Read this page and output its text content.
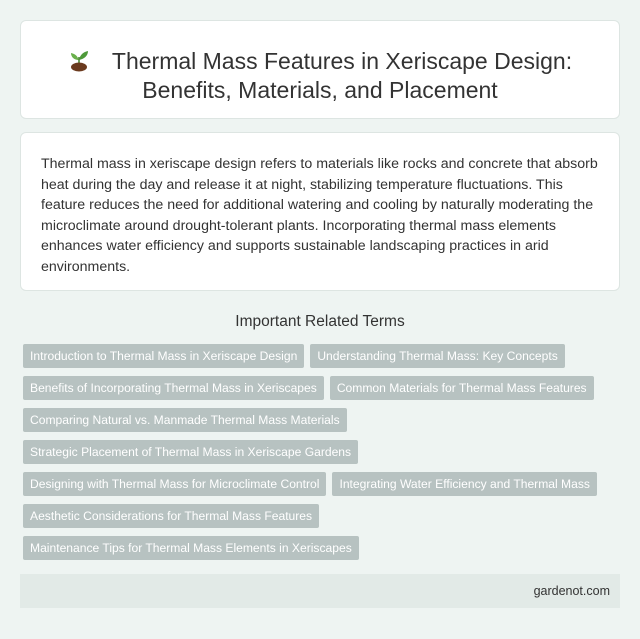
Thermal Mass Features in Xeriscape Design:
Benefits, Materials, and Placement

Thermal mass in xeriscape design refers to materials like rocks and concrete that absorb heat during the day and release it at night, stabilizing temperature fluctuations. This feature reduces the need for additional watering and cooling by naturally moderating the microclimate around drought-tolerant plants. Incorporating thermal mass elements enhances water efficiency and supports sustainable landscaping practices in arid environments.

Important Related Terms
Introduction to Thermal Mass in Xeriscape Design Understanding Thermal Mass: Key Concepts
Benefits of Incorporating Thermal Mass in Xeriscapes Common Materials for Thermal Mass Features
Comparing Natural vs. Manmade Thermal Mass Materials
Strategic Placement of Thermal Mass in Xeriscape Gardens
Designing with Thermal Mass for Microclimate Control Integrating Water Efficiency and Thermal Mass
Aesthetic Considerations for Thermal Mass Features
Maintenance Tips for Thermal Mass Elements in Xeriscapes
gardenot.com
